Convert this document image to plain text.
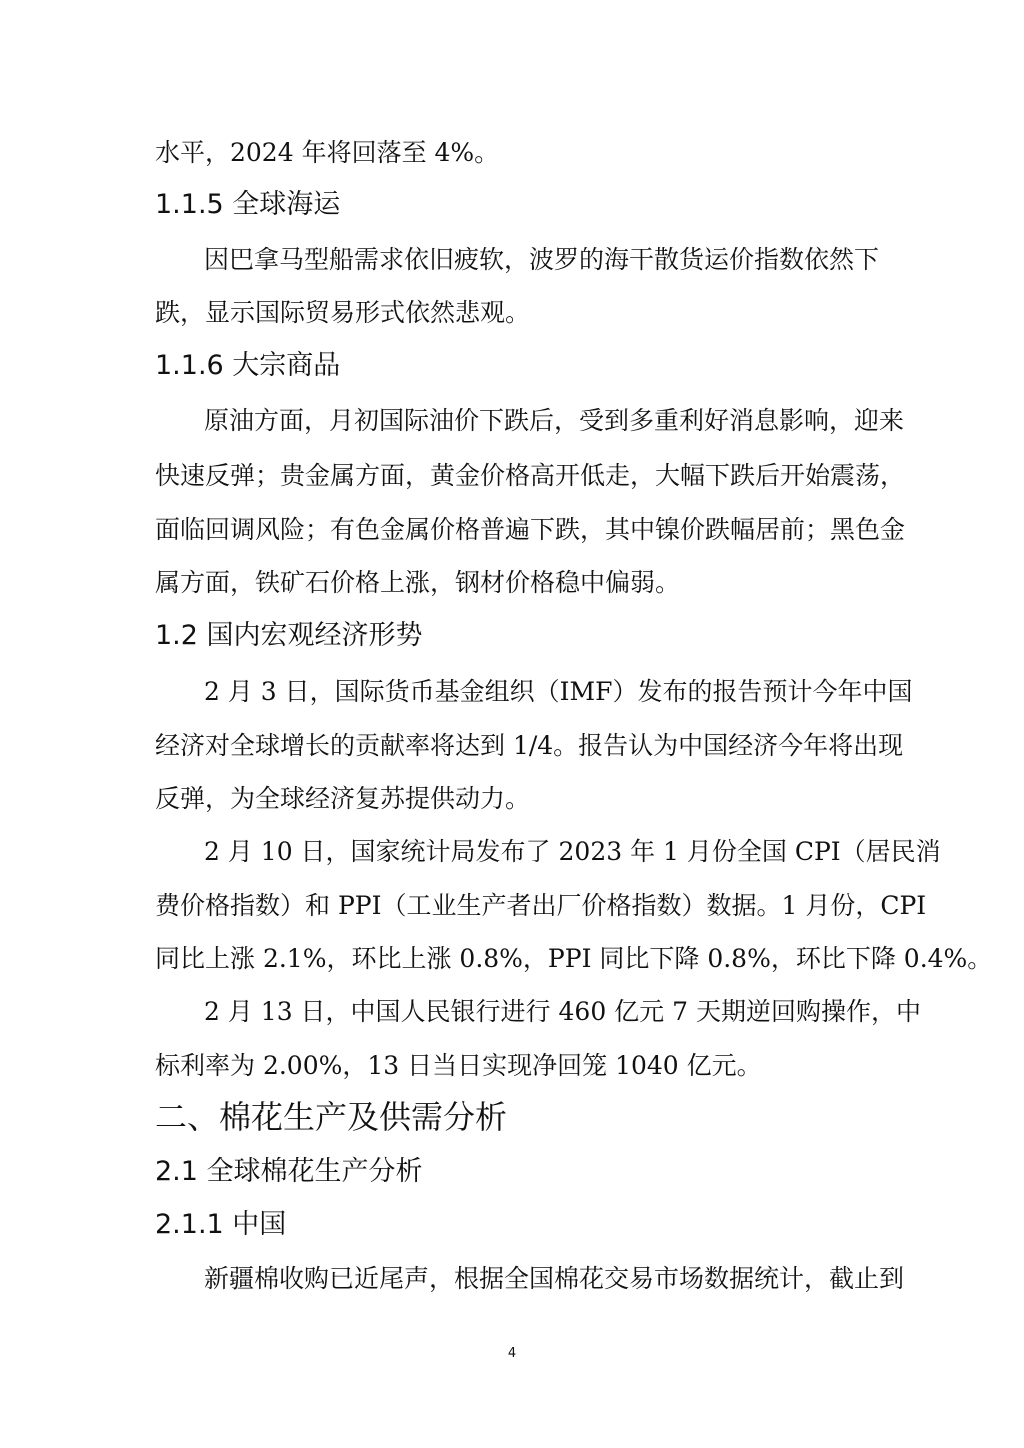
水平，2024 年将回落至 4%。
1.1.5 全球海运
因巴拿马型船需求依旧疲软，波罗的海干散货运价指数依然下
跌，显示国际贸易形式依然悲观。
1.1.6 大宗商品
原油方面，月初国际油价下跌后，受到多重利好消息影响，迎来
快速反弹；贵金属方面，黄金价格高开低走，大幅下跌后开始震荡，
面临回调风险；有色金属价格普遍下跌，其中镍价跌幅居前；黑色金
属方面，铁矿石价格上涨，钢材价格稳中偏弱。
1.2 国内宏观经济形势
2 月 3 日，国际货币基金组织（IMF）发布的报告预计今年中国
经济对全球增长的贡献率将达到 1/4。报告认为中国经济今年将出现
反弹，为全球经济复苏提供动力。
2 月 10 日，国家统计局发布了 2023 年 1 月份全国 CPI（居民消
费价格指数）和 PPI（工业生产者出厂价格指数）数据。1 月份，CPI
同比上涨 2.1%，环比上涨 0.8%，PPI 同比下降 0.8%，环比下降 0.4%。
2 月 13 日，中国人民银行进行 460 亿元 7 天期逆回购操作，中
标利率为 2.00%，13 日当日实现净回笼 1040 亿元。
二、棉花生产及供需分析
2.1 全球棉花生产分析
2.1.1 中国
新疆棉收购已近尾声，根据全国棉花交易市场数据统计，截止到
4
